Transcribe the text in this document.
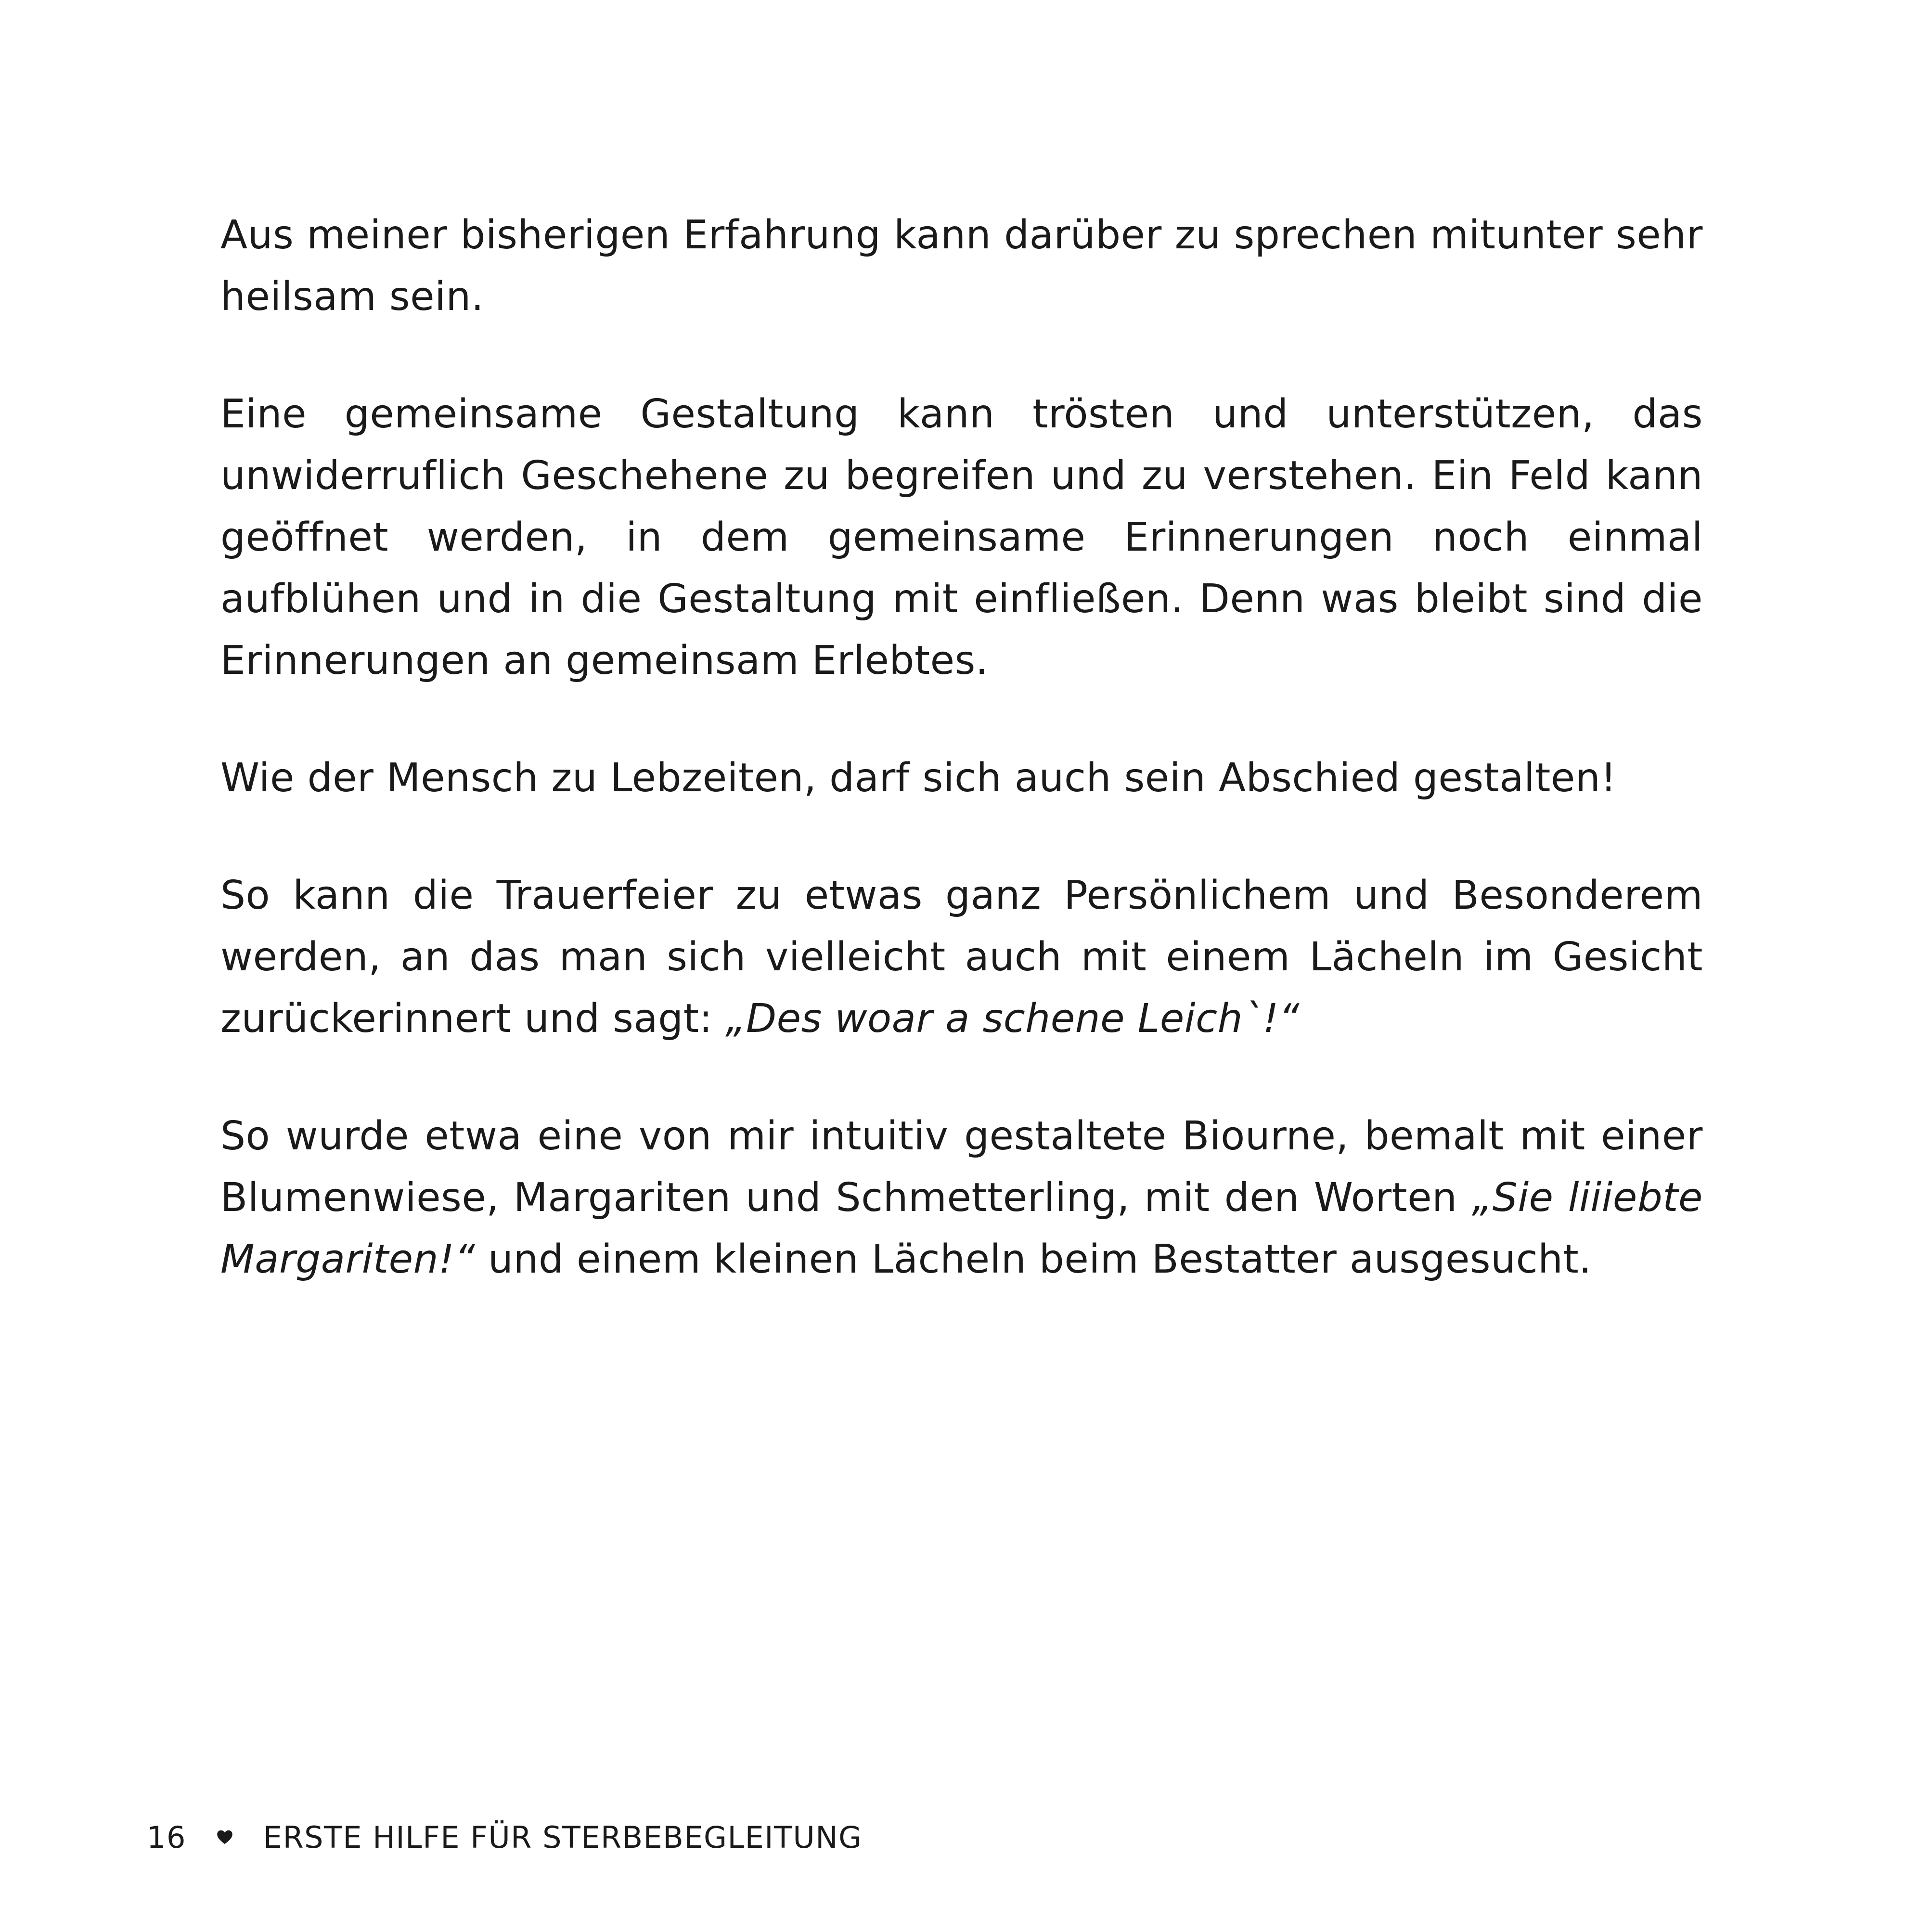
Aus meiner bisherigen Erfahrung kann darüber zu sprechen mitunter sehr heilsam sein.

Eine gemeinsame Gestaltung kann trösten und unterstützen, das unwiderruflich Geschehene zu begreifen und zu verstehen. Ein Feld kann geöffnet werden, in dem gemeinsame Erinnerungen noch einmal aufblühen und in die Gestaltung mit einfließen. Denn was bleibt sind die Erinnerungen an gemeinsam Erlebtes.

Wie der Mensch zu Lebzeiten, darf sich auch sein Abschied gestalten!

So kann die Trauerfeier zu etwas ganz Persönlichem und Besonderem werden, an das man sich vielleicht auch mit einem Lächeln im Gesicht zurückerinnert und sagt: „Des woar a schene Leich`!“

So wurde etwa eine von mir intuitiv gestaltete Biourne, bemalt mit einer Blumenwiese, Margariten und Schmetterling, mit den Worten „Sie liiiebte Margariten!“ und einem kleinen Lächeln beim Bestatter ausgesucht.

16	ERSTE HILFE FÜR STERBEBEGLEITUNG
